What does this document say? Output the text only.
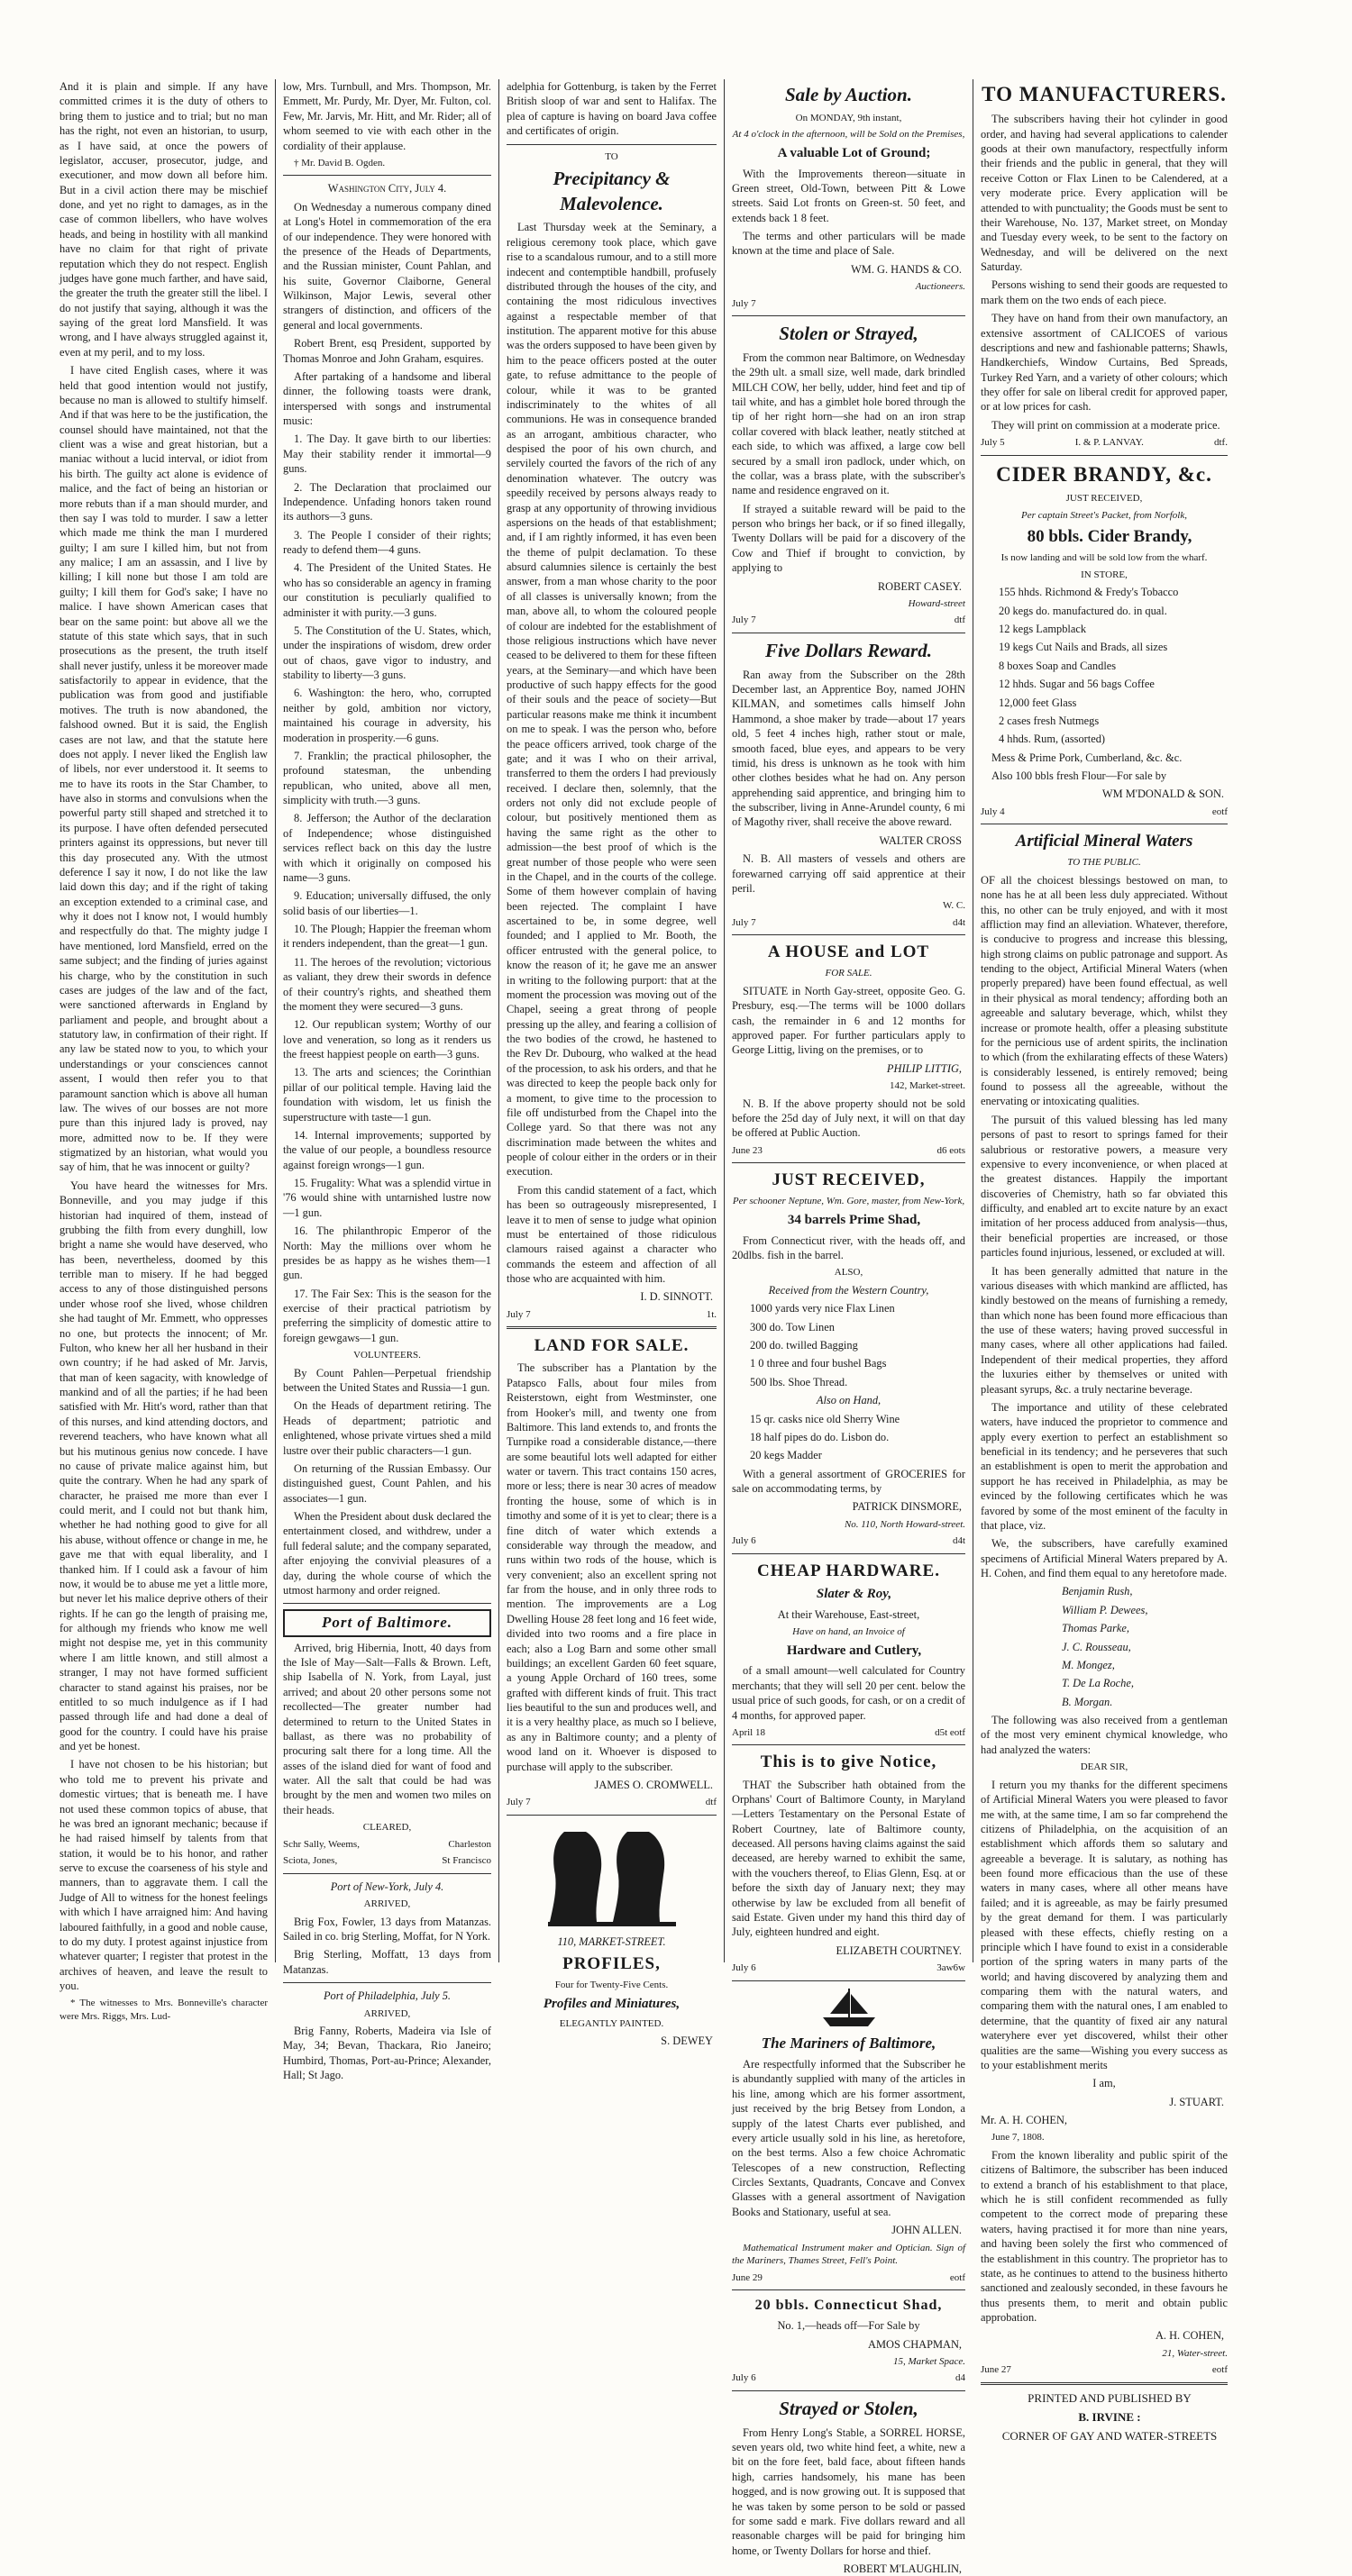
And it is plain and simple. If any have committed crimes it is the duty of others to bring them to justice and to trial; but no man has the right, not even an historian, to usurp, as I have said, at once the powers of legislator, accuser, prosecutor, judge, and executioner, and mow down all before him. But in a civil action there may be mischief done, and yet no right to damages, as in the case of common libellers, who have wolves heads, and being in hostility with all mankind have no claim for that right of private reputation which they do not respect. English judges have gone much farther, and have said, the greater the truth the greater still the libel. I do not justify that saying, although it was the saying of the great lord Mansfield. It was wrong, and I have always struggled against it, even at my peril, and to my loss.

I have cited English cases, where it was held that good intention would not justify, because no man is allowed to stultify himself. And if that was here to be the justification, the counsel should have maintained, not that the client was a wise and great historian, but a maniac without a lucid interval, or idiot from his birth. The guilty act alone is evidence of malice, and the fact of being an historian or more rebuts than if a man should murder, and then say I was told to murder. I saw a letter which made me think the man I murdered guilty; I am sure I killed him, but not from any malice; I am an assassin, and I live by killing; I kill none but those I am told are guilty; I kill them for God's sake; I have no malice. I have shown American cases that bear on the same point: but above all we the statute of this state which says, that in such prosecutions as the present, the truth itself shall never justify, unless it be moreover made satisfactorily to appear in evidence, that the publication was from good and justifiable motives. The truth is now abandoned, the falshood owned. But it is said, the English cases are not law, and that the statute here does not apply. I never liked the English law of libels, nor ever understood it. It seems to me to have its roots in the Star Chamber, to have also in storms and convulsions when the powerful party still shaped and stretched it to its purpose. I have often defended persecuted printers against its oppressions, but never till this day prosecuted any. With the utmost deference I say it now, I do not like the law laid down this day; and if the right of taking an exception extended to a criminal case, and why it does not I know not, I would humbly and respectfully do that. The mighty judge I have mentioned, lord Mansfield, erred on the same subject; and the finding of juries against his charge, who by the constitution in such cases are judges of the law and of the fact, were sanctioned afterwards in England by parliament and people, and brought about a statutory law, in confirmation of their right. If any law be stated now to you, to which your understandings or your consciences cannot assent, I would then refer you to that paramount sanction which is above all human law. The wives of our bosses are not more pure than this injured lady is proved, nay more, admitted now to be. If they were stigmatized by an historian, what would you say of him, that he was innocent or guilty?

You have heard the witnesses for Mrs. Bonneville, and you may judge if this historian had inquired of them, instead of grubbing the filth from every dunghill, low bright a name she would have deserved, who has been, nevertheless, doomed by this terrible man to misery. If he had begged access to any of those distinguished persons under whose roof she lived, whose children she had taught of Mr. Emmett, who oppresses no one, but protects the innocent; of Mr. Fulton, who knew her all her husband in their own country; if he had asked of Mr. Jarvis, that man of keen sagacity, with knowledge of mankind and of all the parties; if he had been satisfied with Mr. Hitt's word, rather than that of this nurses, and kind attending doctors, and reverend teachers, who have known what all but his mutinous genius now concede. I have no cause of private malice against him, but quite the contrary. When he had any spark of character, he praised me more than ever I could merit, and I could not but thank him, whether he had nothing good to give for all his abuse, without offence or change in me, he gave me that with equal liberality, and I thanked him. If I could ask a favour of him now, it would be to abuse me yet a little more, but never let his malice deprive others of their rights. If he can go the length of praising me, for although my friends who know me well might not despise me, yet in this community where I am little known, and still almost a stranger, I may not have formed sufficient character to stand against his praises, nor be entitled to so much indulgence as if I had passed through life and had done a deal of good for the country. I could have his praise and yet be honest.

I have not chosen to be his historian; but who told me to prevent his private and domestic virtues; that is beneath me. I have not used these common topics of abuse, that he was bred an ignorant mechanic; because if he had raised himself by talents from that station, it would be to his honor, and rather serve to excuse the coarseness of his style and manners, than to aggravate them. I call the Judge of All to witness for the honest feelings with which I have arraigned him: And having laboured faithfully, in a good and noble cause, to do my duty. I protest against injustice from whatever quarter; I register that protest in the archives of heaven, and leave the result to you.

* The witnesses to Mrs. Bonneville's character were Mrs. Riggs, Mrs. Lud-

low, Mrs. Turnbull, and Mrs. Thompson, Mr. Emmett, Mr. Purdy, Mr. Dyer, Mr. Fulton, col. Few, Mr. Jarvis, Mr. Hitt, and Mr. Rider; all of whom seemed to vie with each other in the cordiality of their applause.

† Mr. David B. Ogden.

Washington City, July 4.

On Wednesday a numerous company dined at Long's Hotel in commemoration of the era of our independence. They were honored with the presence of the Heads of Departments, and the Russian minister, Count Pahlan, and his suite, Governor Claiborne, General Wilkinson, Major Lewis, several other strangers of distinction, and officers of the general and local governments.

Robert Brent, esq President, supported by Thomas Monroe and John Graham, esquires.

After partaking of a handsome and liberal dinner, the following toasts were drank, interspersed with songs and instrumental music:

1. The Day. It gave birth to our liberties: May their stability render it immortal—9 guns.

2. The Declaration that proclaimed our Independence. Unfading honors taken round its authors—3 guns.

3. The People I consider of their rights; ready to defend them—4 guns.

4. The President of the United States. He who has so considerable an agency in framing our constitution is peculiarly qualified to administer it with purity.—3 guns.

5. The Constitution of the U. States, which, under the inspirations of wisdom, drew order out of chaos, gave vigor to industry, and stability to liberty—3 guns.

6. Washington: the hero, who, corrupted neither by gold, ambition nor victory, maintained his courage in adversity, his moderation in prosperity.—6 guns.

7. Franklin; the practical philosopher, the profound statesman, the unbending republican, who united, above all men, simplicity with truth.—3 guns.

8. Jefferson; the Author of the declaration of Independence; whose distinguished services reflect back on this day the lustre with which it originally on composed his name—3 guns.

9. Education; universally diffused, the only solid basis of our liberties—1.

10. The Plough; Happier the freeman whom it renders independent, than the great—1 gun.

11. The heroes of the revolution; victorious as valiant, they drew their swords in defence of their country's rights, and sheathed them the moment they were secured—3 guns.

12. Our republican system; Worthy of our love and veneration, so long as it renders us the freest happiest people on earth—3 guns.

13. The arts and sciences; the Corinthian pillar of our political temple. Having laid the foundation with wisdom, let us finish the superstructure with taste—1 gun.

14. Internal improvements; supported by the value of our people, a boundless resource against foreign wrongs—1 gun.

15. Frugality: What was a splendid virtue in '76 would shine with untarnished lustre now—1 gun.

16. The philanthropic Emperor of the North: May the millions over whom he presides be as happy as he wishes them—1 gun.

17. The Fair Sex: This is the season for the exercise of their practical patriotism by preferring the simplicity of domestic attire to foreign gewgaws—1 gun.

VOLUNTEERS.

By Count Pahlen—Perpetual friendship between the United States and Russia—1 gun.

On the Heads of department retiring. The Heads of department; patriotic and enlightened, whose private virtues shed a mild lustre over their public characters—1 gun.

On returning of the Russian Embassy. Our distinguished guest, Count Pahlen, and his associates—1 gun.

When the President about dusk declared the entertainment closed, and withdrew, under a full federal salute; and the company separated, after enjoying the convivial pleasures of a day, during the whole course of which the utmost harmony and order reigned.

Port of Baltimore.

Arrived, brig Hibernia, Inott, 40 days from the Isle of May—Salt—Falls & Brown. Left, ship Isabella of N. York, from Layal, just arrived; and about 20 other persons some not recollected—The greater number had determined to return to the United States in ballast, as there was no probability of procuring salt there for a long time. All the asses of the island died for want of food and water. All the salt that could be had was brought by the men and women two miles on their heads.

CLEARED,

Schr Sally, Weems,	Charleston
Sciota, Jones,	St Francisco

Port of New-York, July 4.

ARRIVED,

Brig Fox, Fowler, 13 days from Matanzas. Sailed in co. brig Sterling, Moffat, for N York.

Brig Sterling, Moffatt, 13 days from Matanzas.

Port of Philadelphia, July 5.

ARRIVED,

Brig Fanny, Roberts, Madeira via Isle of May, 34; Bevan, Thackara, Rio Janeiro; Humbird, Thomas, Port-au-Prince; Alexander, Hall; St Jago.

adelphia for Gottenburg, is taken by the Ferret British sloop of war and sent to Halifax. The plea of capture is having on board Java coffee and certificates of origin.

TO

Precipitancy & Malevolence.

Last Thursday week at the Seminary, a religious ceremony took place, which gave rise to a scandalous rumour, and to a still more indecent and contemptible handbill, profusely distributed through the houses of the city, and containing the most ridiculous invectives against a respectable member of that institution. The apparent motive for this abuse was the orders supposed to have been given by him to the peace officers posted at the outer gate, to refuse admittance to the people of colour, while it was to be granted indiscriminately to the whites of all communions. He was in consequence branded as an arrogant, ambitious character, who despised the poor of his own church, and servilely courted the favors of the rich of any denomination whatever. The outcry was speedily received by persons always ready to grasp at any opportunity of throwing invidious aspersions on the heads of that establishment; and, if I am rightly informed, it has even been the theme of pulpit declamation. To these absurd calumnies silence is certainly the best answer, from a man whose charity to the poor of all classes is universally known; from the man, above all, to whom the coloured people of colour are indebted for the establishment of those religious instructions which have never ceased to be delivered to them for these fifteen years, at the Seminary—and which have been productive of such happy effects for the good of their souls and the peace of society—But particular reasons make me think it incumbent on me to speak. I was the person who, before the peace officers arrived, took charge of the gate; and it was I who on their arrival, transferred to them the orders I had previously received. I declare then, solemnly, that the orders not only did not exclude people of colour, but positively mentioned them as having the same right as the other to admission—the best proof of which is the great number of those people who were seen in the Chapel, and in the courts of the college. Some of them however complain of having been rejected. The complaint I have ascertained to be, in some degree, well founded; and I applied to Mr. Booth, the officer entrusted with the general police, to know the reason of it; he gave me an answer in writing to the following purport: that at the moment the procession was moving out of the Chapel, seeing a great throng of people pressing up the alley, and fearing a collision of the two bodies of the crowd, he hastened to the Rev Dr. Dubourg, who walked at the head of the procession, to ask his orders, and that he was directed to keep the people back only for a moment, to give time to the procession to file off undisturbed from the Chapel into the College yard. So that there was not any discrimination made between the whites and people of colour either in the orders or in their execution.

From this candid statement of a fact, which has been so outrageously misrepresented, I leave it to men of sense to judge what opinion must be entertained of those ridiculous clamours raised against a character who commands the esteem and affection of all those who are acquainted with him.

I. D. SINNOTT.
July 7	1t.
LAND FOR SALE.

The subscriber has a Plantation by the Patapsco Falls, about four miles from Reisterstown, eight from Westminster, one from Hooker's mill, and twenty one from Baltimore. This land extends to, and fronts the Turnpike road a considerable distance,—there are some beautiful lots well adapted for either water or tavern. This tract contains 150 acres, more or less; there is near 30 acres of meadow fronting the house, some of which is in timothy and some of it is yet to clear; there is a fine ditch of water which extends a considerable way through the meadow, and runs within two rods of the house, which is very convenient; also an excellent spring not far from the house, and in only three rods to mention. The improvements are a Log Dwelling House 28 feet long and 16 feet wide, divided into two rooms and a fire place in each; also a Log Barn and some other small buildings; an excellent Garden 60 feet square, a young Apple Orchard of 160 trees, some grafted with different kinds of fruit. This tract lies beautiful to the sun and produces well, and it is a very healthy place, as much so I believe, as any in Baltimore county; and a plenty of wood land on it. Whoever is disposed to purchase will apply to the subscriber.

JAMES O. CROMWELL.
July 7	dtf

110, MARKET-STREET.

PROFILES,

Four for Twenty-Five Cents.

Profiles and Miniatures,

ELEGANTLY PAINTED.

S. DEWEY
Sale by Auction.

On MONDAY, 9th instant,

At 4 o'clock in the afternoon, will be Sold on the Premises,

A valuable Lot of Ground;

With the Improvements thereon—situate in Green street, Old-Town, between Pitt & Lowe streets. Said Lot fronts on Green-st. 50 feet, and extends back 1 8 feet.

The terms and other particulars will be made known at the time and place of Sale.

WM. G. HANDS & CO.

Auctioneers.

July 7
Stolen or Strayed,

From the common near Baltimore, on Wednesday the 29th ult. a small size, well made, dark brindled MILCH COW, her belly, udder, hind feet and tip of tail white, and has a gimblet hole bored through the tip of her right horn—she had on an iron strap collar covered with black leather, neatly stitched at each side, to which was affixed, a large cow bell secured by a small iron padlock, under which, on the collar, was a brass plate, with the subscriber's name and residence engraved on it.

If strayed a suitable reward will be paid to the person who brings her back, or if so fined illegally, Twenty Dollars will be paid for a discovery of the Cow and Thief if brought to conviction, by applying to

ROBERT CASEY.

Howard-street

July 7	dtf
Five Dollars Reward.

Ran away from the Subscriber on the 28th December last, an Apprentice Boy, named JOHN KILMAN, and sometimes calls himself John Hammond, a shoe maker by trade—about 17 years old, 5 feet 4 inches high, rather stout or male, smooth faced, blue eyes, and appears to be very timid, his dress is unknown as he took with him other clothes besides what he had on. Any person apprehending said apprentice, and bringing him to the subscriber, living in Anne-Arundel county, 6 mi of Magothy river, shall receive the above reward.

WALTER CROSS

N. B. All masters of vessels and others are forewarned carrying off said apprentice at their peril.

W. C.

July 7	d4t
A HOUSE and LOT

FOR SALE.

SITUATE in North Gay-street, opposite Geo. G. Presbury, esq.—The terms will be 1000 dollars cash, the remainder in 6 and 12 months for approved paper. For further particulars apply to George Littig, living on the premises, or to

PHILIP LITTIG,

142, Market-street.

N. B. If the above property should not be sold before the 25d day of July next, it will on that day be offered at Public Auction.

June 23	d6 eots
JUST RECEIVED,

Per schooner Neptune, Wm. Gore, master, from New-York,

34 barrels Prime Shad,

From Connecticut river, with the heads off, and 20dlbs. fish in the barrel.

ALSO,

Received from the Western Country,

1000 yards very nice Flax Linen

300 do. Tow Linen

200 do. twilled Bagging

1 0 three and four bushel Bags

500 lbs. Shoe Thread.

Also on Hand,

15 qr. casks nice old Sherry Wine

18 half pipes do do. Lisbon do.

20 kegs Madder

With a general assortment of GROCERIES for sale on accommodating terms, by

PATRICK DINSMORE,

No. 110, North Howard-street.

July 6	d4t
CHEAP HARDWARE.

Slater & Roy,

At their Warehouse, East-street,

Have on hand, an Invoice of

Hardware and Cutlery,

of a small amount—well calculated for Country merchants; that they will sell 20 per cent. below the usual price of such goods, for cash, or on a credit of 4 months, for approved paper.

April 18	d5t eotf
This is to give Notice,

THAT the Subscriber hath obtained from the Orphans' Court of Baltimore County, in Maryland—Letters Testamentary on the Personal Estate of Robert Courtney, late of Baltimore county, deceased. All persons having claims against the said deceased, are hereby warned to exhibit the same, with the vouchers thereof, to Elias Glenn, Esq. at or before the sixth day of January next; they may otherwise by law be excluded from all benefit of said Estate. Given under my hand this third day of July, eighteen hundred and eight.

ELIZABETH COURTNEY.
July 6	3aw6w
The Mariners of Baltimore,

Are respectfully informed that the Subscriber he is abundantly supplied with many of the articles in his line, among which are his former assortment, just received by the brig Betsey from London, a supply of the latest Charts ever published, and every article usually sold in his line, as heretofore, on the best terms. Also a few choice Achromatic Telescopes of a new construction, Reflecting Circles Sextants, Quadrants, Concave and Convex Glasses with a general assortment of Navigation Books and Stationary, useful at sea.

JOHN ALLEN.

Mathematical Instrument maker and Optician. Sign of the Mariners, Thames Street, Fell's Point.

June 29	eotf
20 bbls. Connecticut Shad,

No. 1,—heads off—For Sale by

AMOS CHAPMAN,

15, Market Space.

July 6	d4
Strayed or Stolen,

From Henry Long's Stable, a SORREL HORSE, seven years old, two white hind feet, a white, new a bit on the fore feet, bald face, about fifteen hands high, carries handsomely, his mane has been hogged, and is now growing out. It is supposed that he was taken by some person to be sold or passed for some sadd e mark. Five dollars reward and all reasonable charges will be paid for bringing him home, or Twenty Dollars for horse and thief.

ROBERT M'LAUGHLIN,
TO MANUFACTURERS.

The subscribers having their hot cylinder in good order, and having had several applications to calender goods at their own manufactory, respectfully inform their friends and the public in general, that they will receive Cotton or Flax Linen to be Calendered, at a very moderate price. Every application will be attended to with punctuality; the Goods must be sent to their Warehouse, No. 137, Market street, on Monday and Tuesday every week, to be sent to the factory on Wednesday, and will be delivered on the next Saturday.

Persons wishing to send their goods are requested to mark them on the two ends of each piece.

They have on hand from their own manufactory, an extensive assortment of CALICOES of various descriptions and new and fashionable patterns; Shawls, Handkerchiefs, Window Curtains, Bed Spreads, Turkey Red Yarn, and a variety of other colours; which they offer for sale on liberal credit for approved paper, or at low prices for cash.

They will print on commission at a moderate price.

July 5	I. & P. LANVAY.	dtf.
CIDER BRANDY, &c.

JUST RECEIVED,

Per captain Street's Packet, from Norfolk,

80 bbls. Cider Brandy,

Is now landing and will be sold low from the wharf.

IN STORE,

155 hhds. Richmond & Fredy's Tobacco

20 kegs do. manufactured do. in qual.

12 kegs Lampblack

19 kegs Cut Nails and Brads, all sizes

8 boxes Soap and Candles

12 hhds. Sugar and 56 bags Coffee

12,000 feet Glass

2 cases fresh Nutmegs

4 hhds. Rum, (assorted)

Mess & Prime Pork, Cumberland, &c. &c.

Also 100 bbls fresh Flour—For sale by

WM M'DONALD & SON.
July 4	eotf
Artificial Mineral Waters

TO THE PUBLIC.

OF all the choicest blessings bestowed on man, to none has he at all been less duly appreciated. Without this, no other can be truly enjoyed, and with it most affliction may find an alleviation. Whatever, therefore, is conducive to progress and increase this blessing, high strong claims on public patronage and support. As tending to the object, Artificial Mineral Waters (when properly prepared) have been found effectual, as well in their physical as moral tendency; affording both an agreeable and salutary beverage, which, whilst they increase or promote health, offer a pleasing substitute for the pernicious use of ardent spirits, the inclination to which (from the exhilarating effects of these Waters) is considerably lessened, is entirely removed; being found to possess all the agreeable, without the enervating or intoxicating qualities.

The pursuit of this valued blessing has led many persons of past to resort to springs famed for their salubrious or restorative powers, a measure very expensive to every inconvenience, or when placed at the greatest distances. Happily the important discoveries of Chemistry, hath so far obviated this difficulty, and enabled art to excite nature by an exact imitation of her process adduced from analysis—thus, their beneficial properties are increased, or those particles found injurious, lessened, or excluded at will.

It has been generally admitted that nature in the various diseases with which mankind are afflicted, has kindly bestowed on the means of furnishing a remedy, than which none has been found more efficacious than the use of these waters; having proved successful in many cases, where all other applications had failed. Independent of their medical properties, they afford the luxuries either by themselves or united with pleasant syrups, &c. a truly nectarine beverage.

The importance and utility of these celebrated waters, have induced the proprietor to commence and apply every exertion to perfect an establishment so beneficial in its tendency; and he perseveres that such an establishment is open to merit the approbation and support he has received in Philadelphia, as may be evinced by the following certificates which he was favored by some of the most eminent of the faculty in that place, viz.

We, the subscribers, have carefully examined specimens of Artificial Mineral Waters prepared by A. H. Cohen, and find them equal to any heretofore made.

Benjamin Rush,

William P. Dewees,

Thomas Parke,

J. C. Rousseau,

M. Mongez,

T. De La Roche,

B. Morgan.

The following was also received from a gentleman of the most very eminent chymical knowledge, who had analyzed the waters:

DEAR SIR,

I return you my thanks for the different specimens of Artificial Mineral Waters you were pleased to favor me with, at the same time, I am so far comprehend the citizens of Philadelphia, on the acquisition of an establishment which affords them so salutary and agreeable a beverage. It is salutary, as nothing has been found more efficacious than the use of these waters in many cases, where all other means have failed; and it is agreeable, as may be fairly presumed by the great demand for them. I was particularly pleased with these effects, chiefly resting on a principle which I have found to exist in a considerable portion of the spring waters in many parts of the world; and having discovered by analyzing them and comparing them with the natural waters, and comparing them with the natural ones, I am enabled to determine, that the quantity of fixed air any natural wateryhere ever yet discovered, whilst their other qualities are the same—Wishing you every success as to your establishment merits

I am,

J. STUART.

Mr. A. H. COHEN,

June 7, 1808.

From the known liberality and public spirit of the citizens of Baltimore, the subscriber has been induced to extend a branch of his establishment to that place, which he is still confident recommended as fully competent to the correct mode of preparing these waters, having practised it for more than nine years, and having been solely the first who commenced of the establishment in this country. The proprietor has to state, as he continues to attend to the business hitherto sanctioned and zealously seconded, in these favours he thus presents them, to merit and obtain public approbation.

A. H. COHEN,

21, Water-street.

June 27	eotf

PRINTED AND PUBLISHED BY

B. IRVINE :

CORNER OF GAY AND WATER-STREETS
